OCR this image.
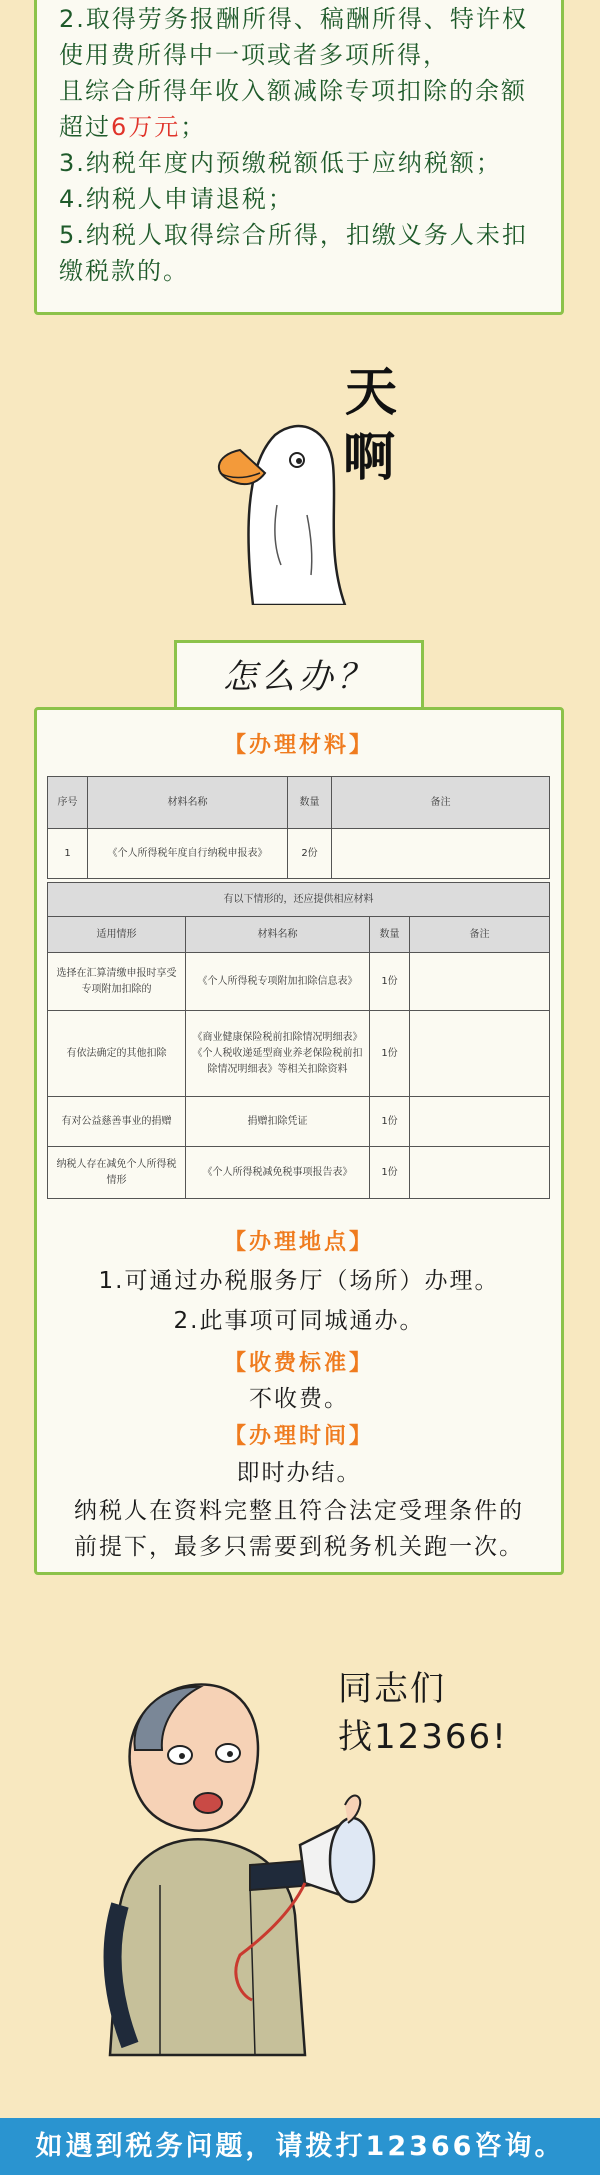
2.取得劳务报酬所得、稿酬所得、特许权
使用费所得中一项或者多项所得，
且综合所得年收入额减除专项扣除的余额
超过6万元；
3.纳税年度内预缴税额低于应纳税额；
4.纳税人申请退税；
5.纳税人取得综合所得，扣缴义务人未扣
缴税款的。
天
啊
怎么办？
【办理材料】
序号	材料名称	数量	备注
1	《个人所得税年度自行纳税申报表》	2份	
有以下情形的，还应提供相应材料			
适用情形	材料名称	数量	备注
选择在汇算清缴申报时享受专项附加扣除的	《个人所得税专项附加扣除信息表》	1份	
有依法确定的其他扣除	《商业健康保险税前扣除情况明细表》《个人税收递延型商业养老保险税前扣除情况明细表》等相关扣除资料	1份	
有对公益慈善事业的捐赠	捐赠扣除凭证	1份	
纳税人存在减免个人所得税情形	《个人所得税减免税事项报告表》	1份	
【办理地点】
1.可通过办税服务厅（场所）办理。
2.此事项可同城通办。
【收费标准】
不收费。
【办理时间】
即时办结。
纳税人在资料完整且符合法定受理条件的
前提下，最多只需要到税务机关跑一次。
同志们
找12366!
如遇到税务问题，请拨打12366咨询。
